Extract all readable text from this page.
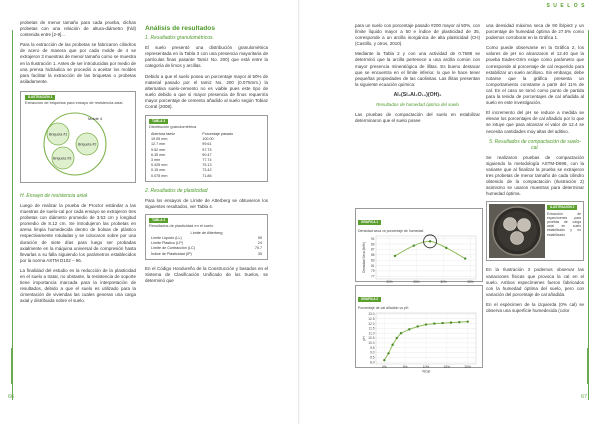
66

probetas de menor tamaño para cada prueba, dichas probetas con una relación de altura-diámetro (h/d) contenida entre [2-9]...

Para la extracción de las probetas se fabricaron cilindros de acero de manera que por cada molde de 4 se extrajeron 3 muestras de menor tamaño como se muestra en la Ilustración 1. Antes de ser introducidas por medio de una prensa hidráulica se procedió a aceitar los moldes para facilitar la extracción de las briquetas o probetas asiladamente.

ILUSTRACIÓN 1
Extracción de briquetas para ensayo de resistencia axial.
Molde 4
Briqueta #1
Briqueta #2
Briqueta #3

H. Ensayo de resistencia axial

Luego de realizar la prueba de Proctor estándar a las muestras de suelo-cal por cada ensayo se extrajeron tres probetas con diámetro promedio de 3.53 cm y longitud promedio de 8.12 cm. Se introdujeron las probetas en arena limpia humedecida dentro de bolsas de plástico respectivamente rotuladas y se colocaron sobre por una duración de siete días para luego ser probadas axialmente en la máquina universal de compresión hasta llevarlas a su falla siguiendo los parámetros establecidos por la norma ASTM D102 – 96.

La finalidad del estudio es la reducción de la plasticidad en el suelo a tratar, no obstante, la resistencia de soporte tiene importancia marcada para la interpretación de resultados, debido a que el suelo es utilizado para la cimentación de viviendas las cuales generan una carga axial y distribuida sobre el suelo.

Análisis de resultados

1. Resultados granulométricos.

El suelo presentó una distribución granulométrica representada en la Tabla 3 con una presencia mayoritaria de partículas finas pasante Tamiz No. 200) que está entre la categoría de limos y arcillas.

Debido a que el suelo posea un porcentaje mayor al 50% de material pasado por el tamiz No. 200 (0.075mm.) la alternativa suelo-cemento no es viable pues este tipo de suelo debido a que si mayor presencia de finos requeriría mayor porcentaje de cemento añadido al suelo según Tobiaz Corral (2008).

TABLA 3
Distribución granulométrica
Abertura tamiz	Porcentaje pasado
19.05 mm	100.00
12.7 mm	99.61
9.52 mm	97.75
6.35 mm	90.47
3 mm	77.74
0.425 mm	75.13
0.15 mm	73.42
0.075 mm	71.86

2. Resultados de plasticidad

Para los ensayos de Límite de Atterberg se obtuvieron los siguientes resultados, ver Tabla 4.

TABLA 4
Resultados de plasticidad en el suelo
Límite de Atterberg
Límite Líquido (LL)	59
Límite Plástico (LP)	24
Límite de Contracción (LC)	70.7
Índice de Plasticidad (IP)	35

En el Código Hondureño de la Construcción y basados en el Sistema de Clasificación Unificado de los Suelos, se determinó que

SUELOS
67

para un suelo con porcentaje pasado #200 mayor al 50%, con límite líquido mayor a 50 e índice de plasticidad de 35, corresponde a un arcilla inorgánica de alta plasticidad (CH) (Castillo, y otros, 2010).

Mediante la Tabla 2 y con una actividad de 0.7698 se determinó que la arcilla pertenece a una arcilla común con mayor presencia mineralógica de illitas. Es bueno destacar que se encuentra en el límite inferior, lo que le hace tener pequeñas propiedades de las caolinitas. Las illitas presentan la siguiente ecuación química:

Al₂(Si₄Al₂O₁₀)(OH)₂

Resultados de humedad óptima del suelo

Las pruebas de compactación del suelo en estabilizar determinaron que el suelo posee

GRÁFICA 1
Densidad seca vs porcentaje de humedad
77
79
81
83
85
87
89
91
20%	25%	30%	35%
Densidad Seca (lb/ft³)
GRÁFICA 2
Porcentaje de cal añadido vs pH
8.0
8.5
9.0
9.5
10.0
10.5
11.0
11.5
12.0
12.5
13.0
0%	5%	10%	15%	20%
%Cal
pH

una densidad máxima seca de 90 lb/pie3 y un porcentaje de humedad óptima de 27.5% como podemos corroborar en la Gráfica 1.

Como puede observarse en la Gráfica 2, los valores de pH no alcanzaron el 12.40 que la prueba Eades-Grim exige como parámetro que corresponde al porcentaje de cal requerido para estabilizar un suelo arcilloso. Sin embargo, debe notarse que la gráfica presenta un comportamiento constante a partir del 11% de cal. En el caso se tomó como punto de partida para la tenida de porcentajes de cal añadida al suelo en este investigación.

El incremento del pH se reduce a medida se elevan los porcentajes de cal añadido por lo que se intuye que para alcanzar el valor de 12.4 se necesita cantidades muy altas del aditivo.

5. Resultados de compactación de suelo-cal.

Se realizaron pruebas de compactación siguiendo la metodología ASTM-D698, con la variante que al finalizar la prueba se extrajeron tres probetas de menor tamaño de cada cilindro obtenido de la compactación (Ilustración 2) asimismo se usaron muestras para determinar humedad óptima.

ILUSTRACIÓN 2
Extracción de especímenes para pruebas de carga axial en suelo estabilizado y no estabilizado

En la Ilustración 3 podemos observar las variaciones físicas que provoca la cal en el suelo. Ambos especímenes fueron fabricados con la humedad óptima del suelo, pero con variación del porcentaje de cal añadida.

En el espécimen de la izquierda (0% cal) se observa una superficie humedecida (color
